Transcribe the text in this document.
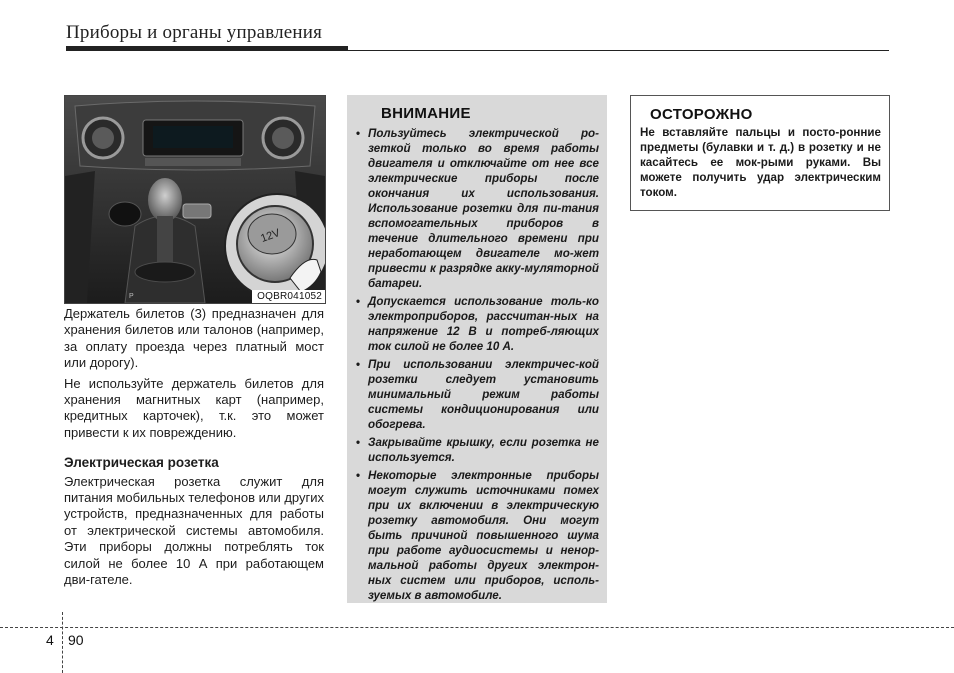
Приборы и органы управления
12V
P	OQBR041052

Держатель билетов (3) предназначен для хранения билетов или талонов (например, за оплату проезда через платный мост или дорогу).

Не используйте держатель билетов для хранения магнитных карт (например, кредитных карточек), т.к. это может привести к их повреждению.

Электрическая розетка

Электрическая розетка служит для питания мобильных телефонов или других устройств, предназначенных для работы от электрической системы автомобиля. Эти приборы должны потреблять ток силой не более 10 А при работающем дви-гателе.

ВНИМАНИЕ
• Пользуйтесь электрической ро-зеткой только во время работы двигателя и отключайте от нее все электрические приборы после окончания их использования. Использование розетки для пи-тания вспомогательных приборов в течение длительного времени при неработающем двигателе мо-жет привести к разрядке акку-муляторной батареи.
• Допускается использование толь-ко электроприборов, рассчитан-ных на напряжение 12 В и потреб-ляющих ток силой не более 10 А.
• При использовании электричес-кой розетки следует установить минимальный режим работы системы кондиционирования или обогрева.
• Закрывайте крышку, если розетка не используется.
• Некоторые электронные приборы могут служить источниками помех при их включении в электрическую розетку автомобиля. Они могут быть причиной повышенного шума при работе аудиосистемы и ненор-мальной работы других электрон-ных систем или приборов, исполь-зуемых в автомобиле.
ОСТОРОЖНО

Не вставляйте пальцы и посто-ронние предметы (булавки и т. д.) в розетку и не касайтесь ее мок-рыми руками. Вы можете получить удар электрическим током.

4 90
